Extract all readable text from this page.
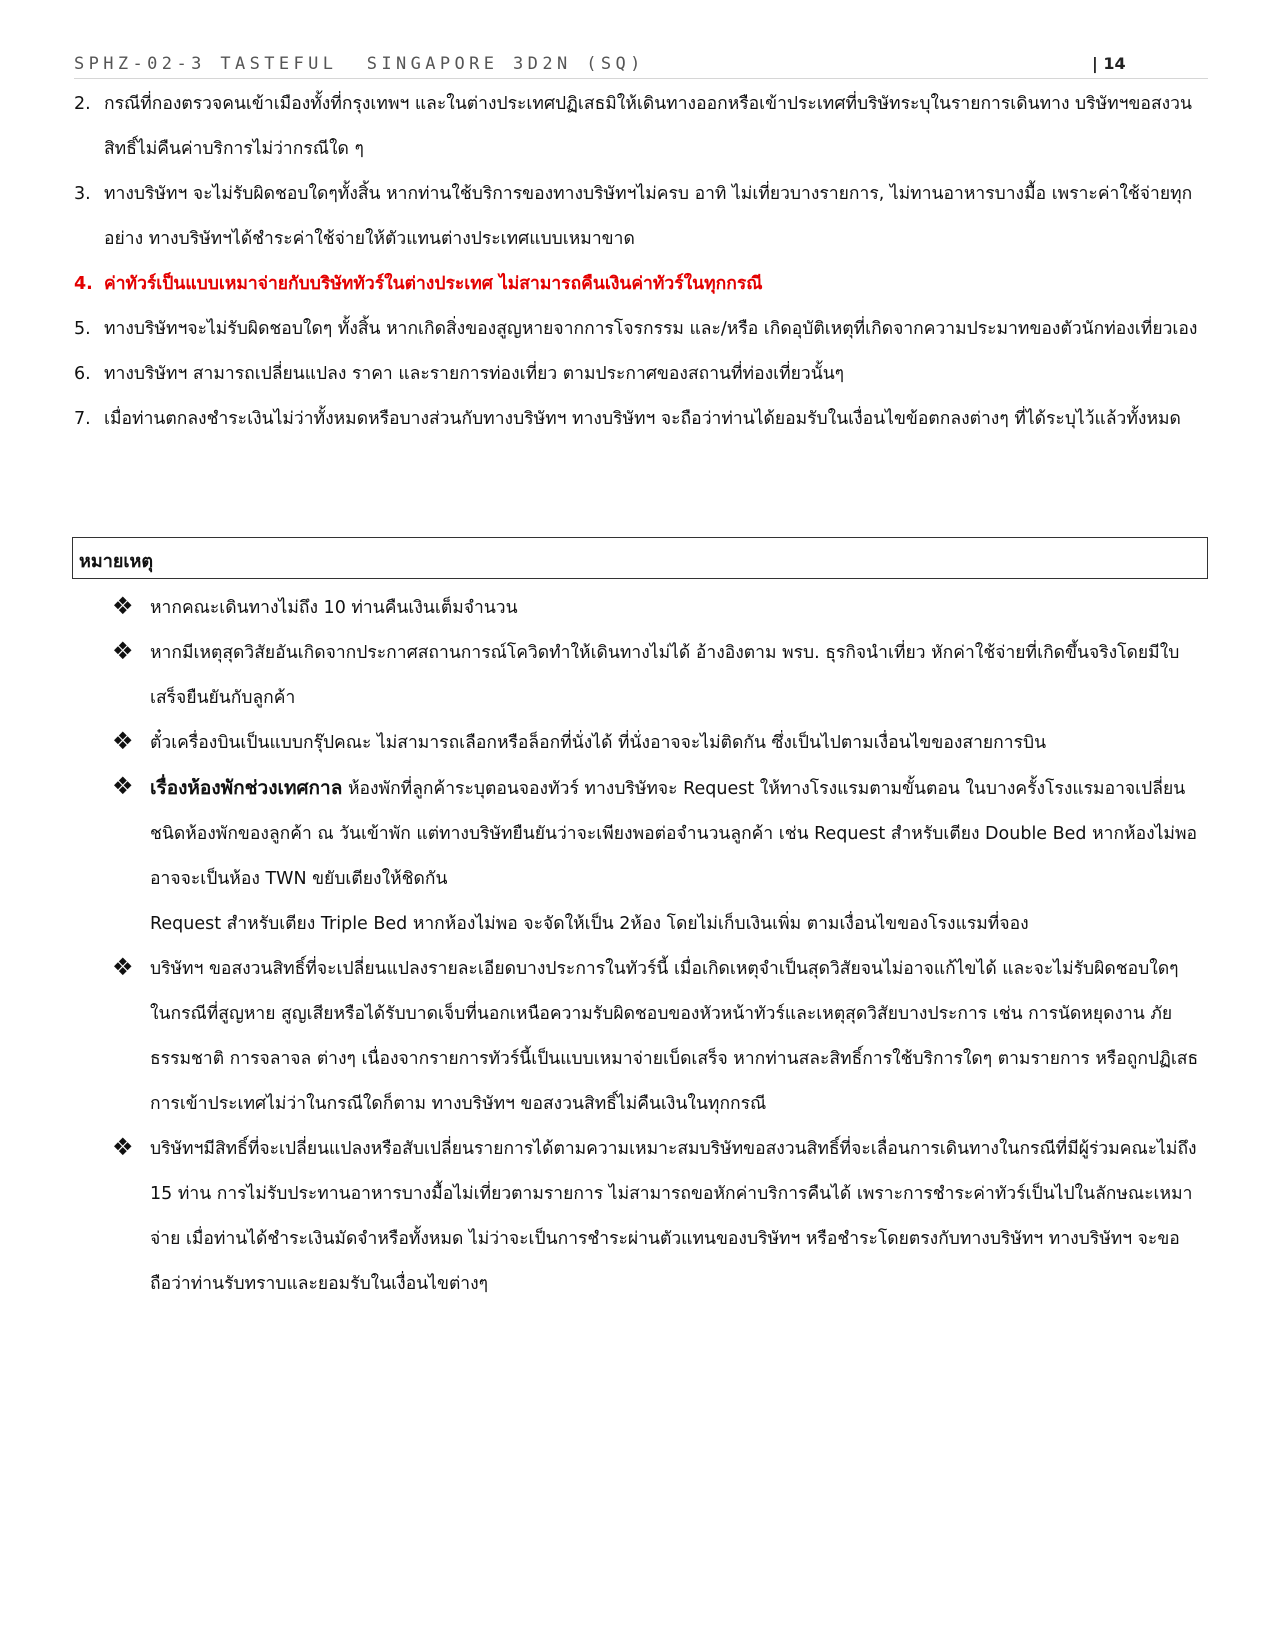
SPHZ-02-3 TASTEFUL  SINGAPORE 3D2N (SQ)	| 14
2. กรณีที่กองตรวจคนเข้าเมืองทั้งที่กรุงเทพฯ และในต่างประเทศปฏิเสธมิให้เดินทางออกหรือเข้าประเทศที่บริษัทระบุในรายการเดินทาง บริษัทฯขอสงวนสิทธิ์ไม่คืนค่าบริการไม่ว่ากรณีใด ๆ
3. ทางบริษัทฯ จะไม่รับผิดชอบใดๆทั้งสิ้น หากท่านใช้บริการของทางบริษัทฯไม่ครบ อาทิ ไม่เที่ยวบางรายการ, ไม่ทานอาหารบางมื้อ เพราะค่าใช้จ่ายทุกอย่าง ทางบริษัทฯได้ชำระค่าใช้จ่ายให้ตัวแทนต่างประเทศแบบเหมาขาด
4. ค่าทัวร์เป็นแบบเหมาจ่ายกับบริษัททัวร์ในต่างประเทศ ไม่สามารถคืนเงินค่าทัวร์ในทุกกรณี
5. ทางบริษัทฯจะไม่รับผิดชอบใดๆ ทั้งสิ้น หากเกิดสิ่งของสูญหายจากการโจรกรรม และ/หรือ เกิดอุบัติเหตุที่เกิดจากความประมาทของตัวนักท่องเที่ยวเอง
6. ทางบริษัทฯ สามารถเปลี่ยนแปลง ราคา และรายการท่องเที่ยว ตามประกาศของสถานที่ท่องเที่ยวนั้นๆ
7. เมื่อท่านตกลงชำระเงินไม่ว่าทั้งหมดหรือบางส่วนกับทางบริษัทฯ ทางบริษัทฯ จะถือว่าท่านได้ยอมรับในเงื่อนไขข้อตกลงต่างๆ ที่ได้ระบุไว้แล้วทั้งหมด
หมายเหตุ
❖ หากคณะเดินทางไม่ถึง 10 ท่านคืนเงินเต็มจำนวน
❖ หากมีเหตุสุดวิสัยอันเกิดจากประกาศสถานการณ์โควิดทำให้เดินทางไม่ได้ อ้างอิงตาม พรบ. ธุรกิจนำเที่ยว หักค่าใช้จ่ายที่เกิดขึ้นจริงโดยมีใบเสร็จยืนยันกับลูกค้า
❖ ตั๋วเครื่องบินเป็นแบบกรุ๊ปคณะ ไม่สามารถเลือกหรือล็อกที่นั่งได้ ที่นั่งอาจจะไม่ติดกัน ซึ่งเป็นไปตามเงื่อนไขของสายการบิน
❖ เรื่องห้องพักช่วงเทศกาล ห้องพักที่ลูกค้าระบุตอนจองทัวร์ ทางบริษัทจะ Request ให้ทางโรงแรมตามขั้นตอน ในบางครั้งโรงแรมอาจเปลี่ยนชนิดห้องพักของลูกค้า ณ วันเข้าพัก แต่ทางบริษัทยืนยันว่าจะเพียงพอต่อจำนวนลูกค้า เช่น Request สำหรับเตียง Double Bed หากห้องไม่พอ อาจจะเป็นห้อง TWN ขยับเตียงให้ชิดกัน
Request สำหรับเตียง Triple Bed หากห้องไม่พอ จะจัดให้เป็น 2ห้อง โดยไม่เก็บเงินเพิ่ม ตามเงื่อนไขของโรงแรมที่จอง
❖ บริษัทฯ ขอสงวนสิทธิ์ที่จะเปลี่ยนแปลงรายละเอียดบางประการในทัวร์นี้ เมื่อเกิดเหตุจำเป็นสุดวิสัยจนไม่อาจแก้ไขได้ และจะไม่รับผิดชอบใดๆ ในกรณีที่สูญหาย สูญเสียหรือได้รับบาดเจ็บที่นอกเหนือความรับผิดชอบของหัวหน้าทัวร์และเหตุสุดวิสัยบางประการ เช่น การนัดหยุดงาน ภัยธรรมชาติ การจลาจล ต่างๆ เนื่องจากรายการทัวร์นี้เป็นแบบเหมาจ่ายเบ็ดเสร็จ หากท่านสละสิทธิ์การใช้บริการใดๆ ตามรายการ หรือถูกปฏิเสธการเข้าประเทศไม่ว่าในกรณีใดก็ตาม ทางบริษัทฯ ขอสงวนสิทธิ์ไม่คืนเงินในทุกกรณี
❖ บริษัทฯมีสิทธิ์ที่จะเปลี่ยนแปลงหรือสับเปลี่ยนรายการได้ตามความเหมาะสมบริษัทขอสงวนสิทธิ์ที่จะเลื่อนการเดินทางในกรณีที่มีผู้ร่วมคณะไม่ถึง 15 ท่าน การไม่รับประทานอาหารบางมื้อไม่เที่ยวตามรายการ ไม่สามารถขอหักค่าบริการคืนได้ เพราะการชำระค่าทัวร์เป็นไปในลักษณะเหมาจ่าย เมื่อท่านได้ชำระเงินมัดจำหรือทั้งหมด ไม่ว่าจะเป็นการชำระผ่านตัวแทนของบริษัทฯ หรือชำระโดยตรงกับทางบริษัทฯ ทางบริษัทฯ จะขอถือว่าท่านรับทราบและยอมรับในเงื่อนไขต่างๆ
